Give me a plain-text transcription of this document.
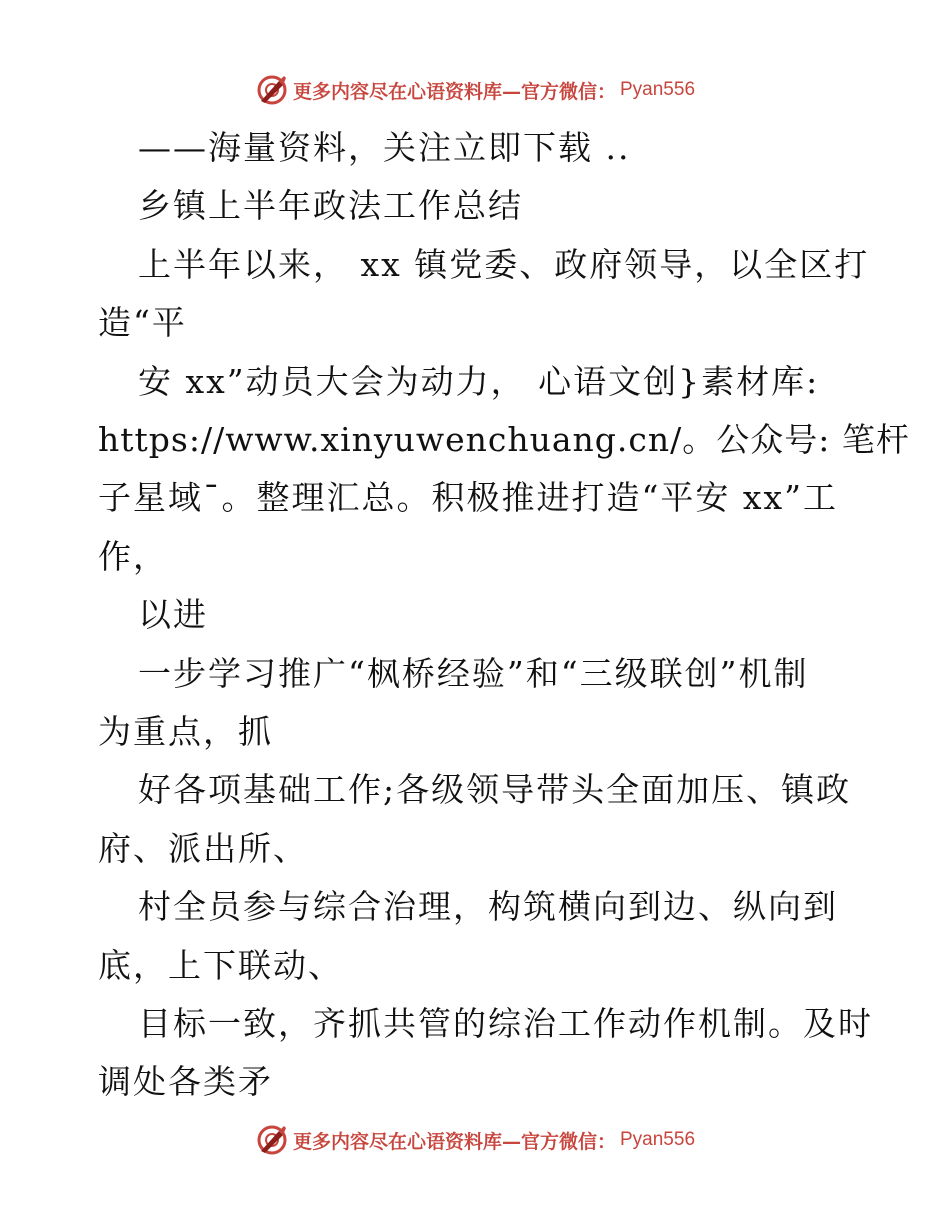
更多内容尽在心语资料库—官方微信： Pyan556
——海量资料，关注立即下载 ..
乡镇上半年政法工作总结
上半年以来， xx 镇党委、政府领导，以全区打
造“平
安 xx”动员大会为动力， 心语文创}素材库:
https://www.xinyuwenchuang.cn/。公众号: 笔杆
子星域¯。整理汇总。积极推进打造“平安 xx”工
作，
以进
一步学习推广“枫桥经验”和“三级联创”机制
为重点，抓
好各项基础工作;各级领导带头全面加压、镇政
府、派出所、
村全员参与综合治理，构筑横向到边、纵向到
底，上下联动、
目标一致，齐抓共管的综治工作动作机制。及时
调处各类矛
更多内容尽在心语资料库—官方微信： Pyan556
